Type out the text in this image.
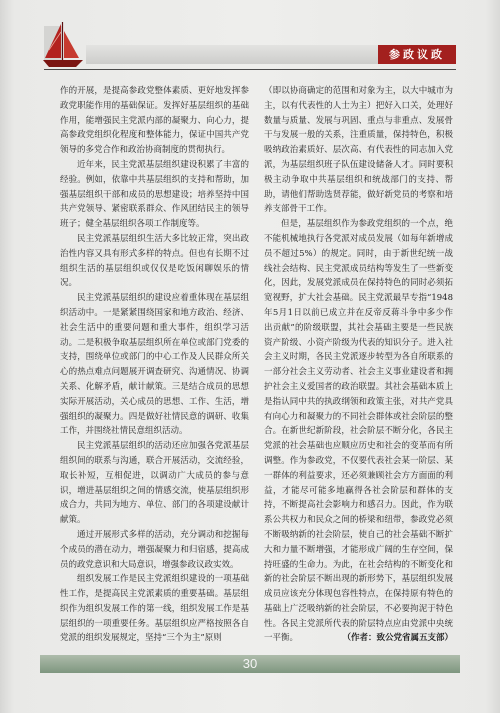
参政议政

作的开展，是提高参政党整体素质、更好地发挥参政党职能作用的基础保证。发挥好基层组织的基础作用，能增强民主党派内部的凝聚力、向心力，提高参政党组织化程度和整体能力，保证中国共产党领导的多党合作和政治协商制度的贯彻执行。

近年来，民主党派基层组织建设积累了丰富的经验。例如，依靠中共基层组织的支持和帮助，加强基层组织干部和成员的思想建设；培养坚持中国共产党领导、紧密联系群众、作风团结民主的领导班子；健全基层组织各项工作制度等。

民主党派基层组织生活大多比较正常，突出政治性内容又具有形式多样的特点。但也有长期不过组织生活的基层组织或仅仅是吃饭闲聊娱乐的情况。

民主党派基层组织的建设应着重体现在基层组织活动中。一是紧紧围绕国家和地方政治、经济、社会生活中的重要问题和重大事件，组织学习活动。二是积极争取基层组织所在单位或部门党委的支持，围绕单位或部门的中心工作及人民群众所关心的热点难点问题展开调查研究、沟通情况、协调关系、化解矛盾，献计献策。三是结合成员的思想实际开展活动，关心成员的思想、工作、生活，增强组织的凝聚力。四是做好社情民意的调研、收集工作，并围绕社情民意组织活动。

民主党派基层组织的活动还应加强各党派基层组织间的联系与沟通，联合开展活动，交流经验，取长补短，互相促进，以调动广大成员的参与意识，增进基层组织之间的情感交流，使基层组织形成合力，共同为地方、单位、部门的各项建设献计献策。

通过开展形式多样的活动，充分调动和挖掘每个成员的潜在动力，增强凝聚力和归宿感，提高成员的政党意识和大局意识，增强参政议政实效。

组织发展工作是民主党派组织建设的一项基础性工作，是提高民主党派素质的重要基础。基层组织作为组织发展工作的第一线，组织发展工作是基层组织的一项重要任务。基层组织应严格按照各自党派的组织发展规定，坚持“三个为主”原则

（即以协商确定的范围和对象为主，以大中城市为主，以有代表性的人士为主）把好入口关，处理好数量与质量、发展与巩固、重点与非重点、发展骨干与发展一般的关系，注重质量，保持特色，积极吸纳政治素质好、层次高、有代表性的同志加入党派，为基层组织班子队伍建设储备人才。同时要积极主动争取中共基层组织和统战部门的支持、帮助，请他们帮助选贤荐能，做好新党员的考察和培养支部骨干工作。

但是，基层组织作为参政党组织的一个点，绝不能机械地执行各党派对成员发展（如每年新增成员不超过5%）的规定。同时，由于新世纪统一战线社会结构、民主党派成员结构等发生了一些新变化，因此，发展党派成员在保持特色的同时必须拓宽视野，扩大社会基础。民主党派最早专指“1948年5月1日以前已成立并在反帝反蒋斗争中多少作出贡献”的阶级联盟，其社会基础主要是一些民族资产阶级、小资产阶级为代表的知识分子。进入社会主义时期，各民主党派逐步转型为各自所联系的一部分社会主义劳动者、社会主义事业建设者和拥护社会主义爱国者的政治联盟。其社会基础本质上是指认同中共的执政纲领和政策主张，对共产党具有向心力和凝聚力的不同社会群体或社会阶层的整合。在新世纪新阶段，社会阶层不断分化，各民主党派的社会基础也应顺应历史和社会的变革而有所调整。作为参政党，不仅要代表社会某一阶层、某一群体的利益要求，还必须兼顾社会方方面面的利益，才能尽可能多地赢得各社会阶层和群体的支持，不断提高社会影响力和感召力。因此，作为联系公共权力和民众之间的桥梁和纽带，参政党必须不断吸纳新的社会阶层，使自己的社会基础不断扩大和力量不断增强，才能形成广阔的生存空间，保持旺盛的生命力。为此，在社会结构的不断变化和新的社会阶层不断出现的新形势下，基层组织发展成员应该充分体现包容性特点，在保持原有特色的基础上广泛吸纳新的社会阶层，不必要拘泥于特色性。各民主党派所代表的阶层特点应由党派中央统一平衡。	（作者：致公党省属五支部）
30
